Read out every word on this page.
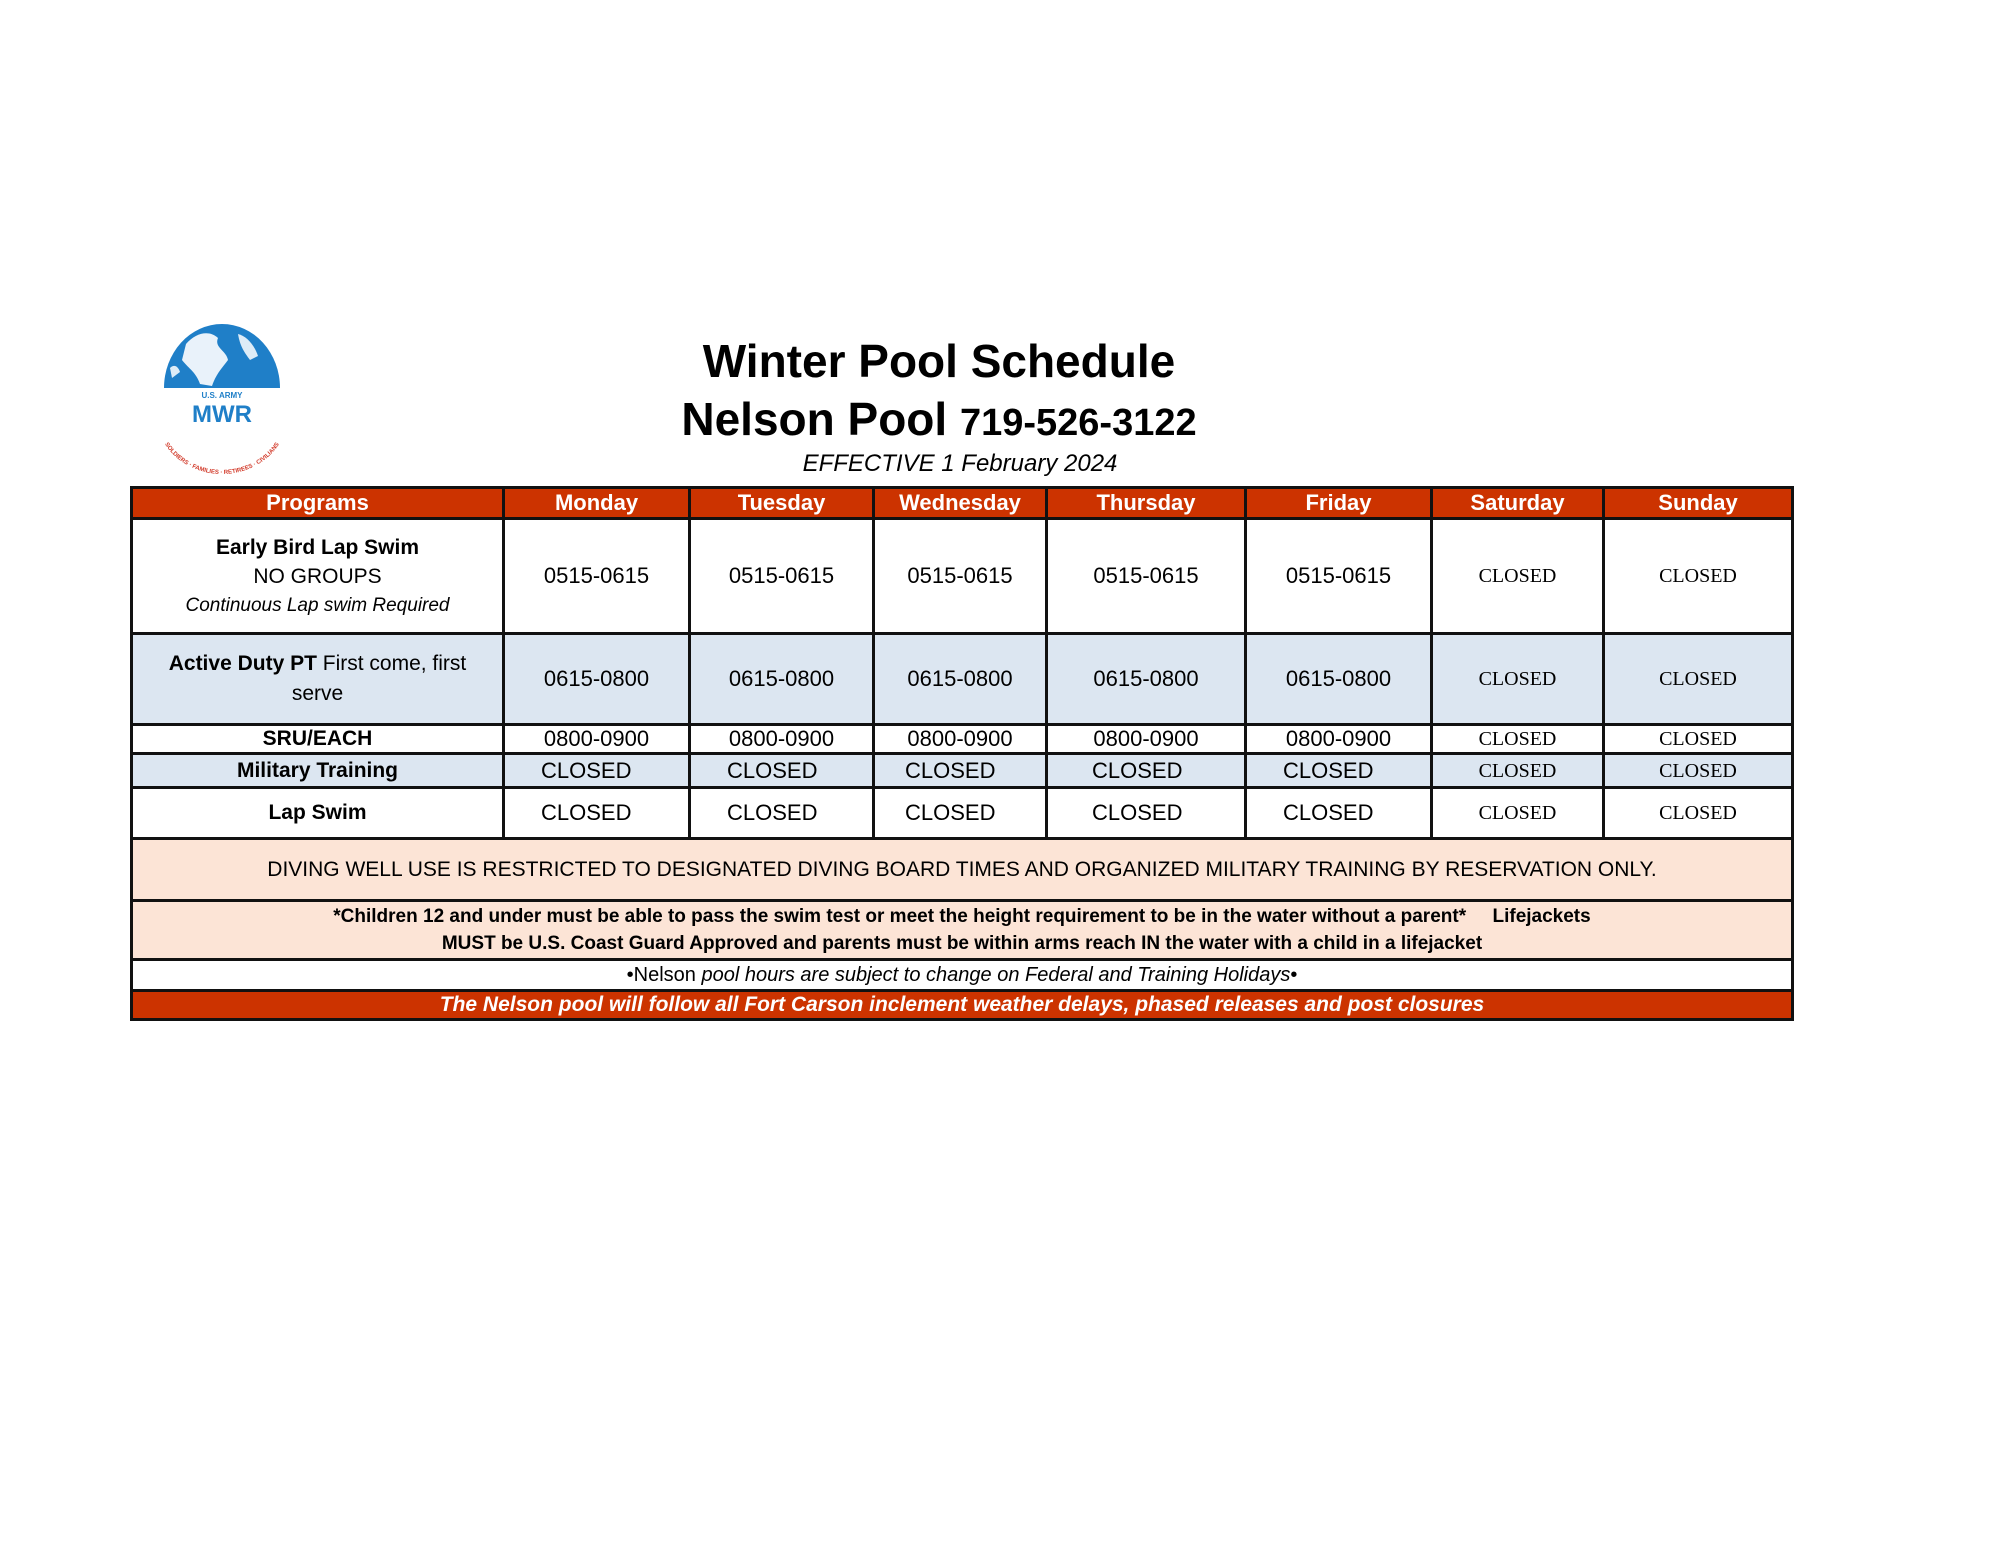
U.S. ARMY
MWR
SOLDIERS · FAMILIES · RETIREES · CIVILIANS
Winter Pool Schedule
Nelson Pool 719-526-3122
EFFECTIVE 1 February 2024
Programs	Monday	Tuesday	Wednesday	Thursday	Friday	Saturday	Sunday

Early Bird Lap Swim
NO GROUPS
Continuous Lap swim Required	0515-0615	0515-0615	0515-0615	0515-0615	0515-0615	CLOSED	CLOSED
Active Duty PT First come, first serve	0615-0800	0615-0800	0615-0800	0615-0800	0615-0800	CLOSED	CLOSED
SRU/EACH	0800-0900	0800-0900	0800-0900	0800-0900	0800-0900	CLOSED	CLOSED
Military Training	CLOSED	CLOSED	CLOSED	CLOSED	CLOSED	CLOSED	CLOSED
Lap Swim	CLOSED	CLOSED	CLOSED	CLOSED	CLOSED	CLOSED	CLOSED
DIVING WELL USE IS RESTRICTED TO DESIGNATED DIVING BOARD TIMES AND ORGANIZED MILITARY TRAINING BY RESERVATION ONLY.							

*Children 12 and under must be able to pass the swim test or meet the height requirement to be in the water without a parent*     Lifejackets
MUST be U.S. Coast Guard Approved and parents must be within arms reach IN the water with a child in a lifejacket							

•Nelson pool hours are subject to change on Federal and Training Holidays•							
The Nelson pool will follow all Fort Carson inclement weather delays, phased releases and post closures							
